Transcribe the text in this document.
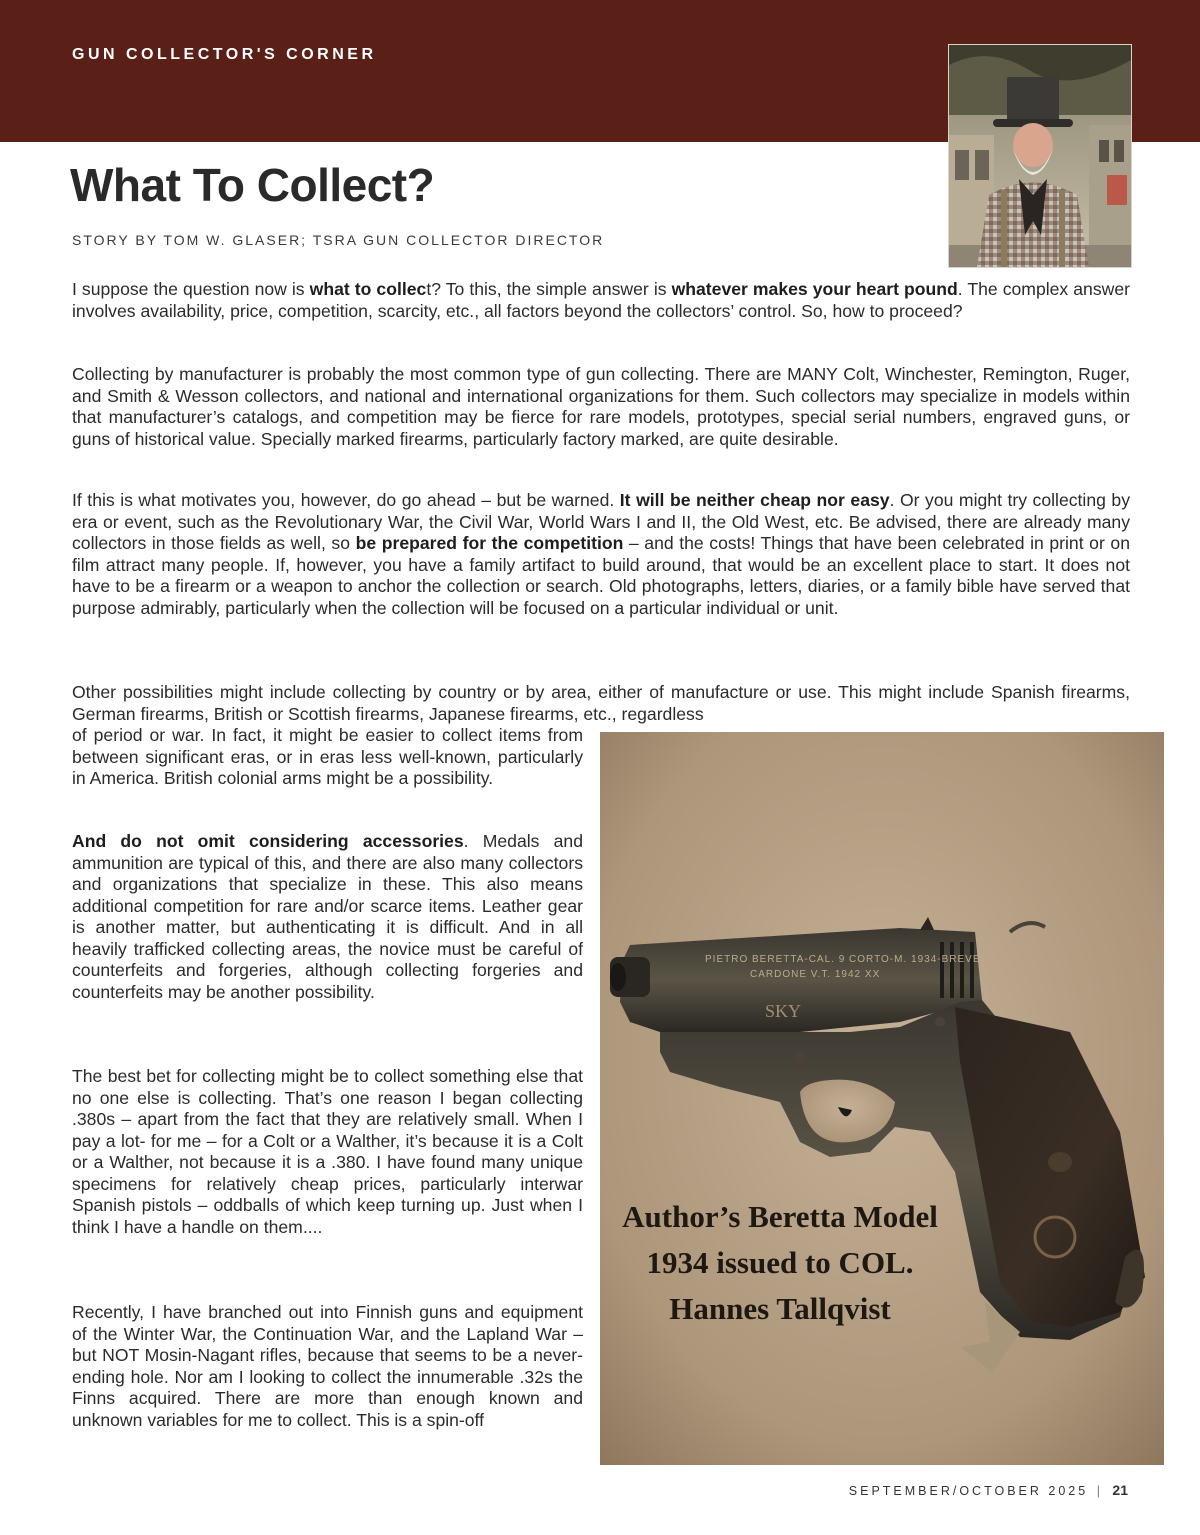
GUN COLLECTOR'S CORNER
What To Collect?
STORY BY TOM W. GLASER; TSRA GUN COLLECTOR DIRECTOR

I suppose the question now is what to collect? To this, the simple answer is whatever makes your heart pound. The complex answer involves availability, price, competition, scarcity, etc., all factors beyond the collectors’ control. So, how to proceed?

Collecting by manufacturer is probably the most common type of gun collecting. There are MANY Colt, Winchester, Remington, Ruger, and Smith & Wesson collectors, and national and international organizations for them. Such collectors may specialize in models within that manufacturer’s catalogs, and competition may be fierce for rare models, prototypes, special serial numbers, engraved guns, or guns of historical value. Specially marked firearms, particularly factory marked, are quite desirable.

If this is what motivates you, however, do go ahead – but be warned. It will be neither cheap nor easy. Or you might try collecting by era or event, such as the Revolutionary War, the Civil War, World Wars I and II, the Old West, etc. Be advised, there are already many collectors in those fields as well, so be prepared for the competition – and the costs! Things that have been celebrated in print or on film attract many people. If, however, you have a family artifact to build around, that would be an excellent place to start. It does not have to be a firearm or a weapon to anchor the collection or search. Old photographs, letters, diaries, or a family bible have served that purpose admirably, particularly when the collection will be focused on a particular individual or unit.

Other possibilities might include collecting by country or by area, either of manufacture or use. This might include Spanish firearms, German firearms, British or Scottish firearms, Japanese firearms, etc., regardless

of period or war. In fact, it might be easier to collect items from between significant eras, or in eras less well-known, particularly in America. British colonial arms might be a possibility.

And do not omit considering accessories. Medals and ammunition are typical of this, and there are also many collectors and organizations that specialize in these. This also means additional competition for rare and/or scarce items. Leather gear is another matter, but authenticating it is difficult. And in all heavily trafficked collecting areas, the novice must be careful of counterfeits and forgeries, although collecting forgeries and counterfeits may be another possibility.

The best bet for collecting might be to collect something else that no one else is collecting. That’s one reason I began collecting .380s – apart from the fact that they are relatively small. When I pay a lot- for me – for a Colt or a Walther, it’s because it is a Colt or a Walther, not because it is a .380. I have found many unique specimens for relatively cheap prices, particularly interwar Spanish pistols – oddballs of which keep turning up. Just when I think I have a handle on them....

Recently, I have branched out into Finnish guns and equipment of the Winter War, the Continuation War, and the Lapland War – but NOT Mosin-Nagant rifles, because that seems to be a never-ending hole. Nor am I looking to collect the innumerable .32s the Finns acquired. There are more than enough known and unknown variables for me to collect. This is a spin-off

PIETRO BERETTA-CAL. 9 CORTO-M. 1934-BREVET
CARDONE V.T. 1942 XX
SKY
Author’s Beretta Model
1934 issued to COL.
Hannes Tallqvist
SEPTEMBER/OCTOBER 2025 | 21
